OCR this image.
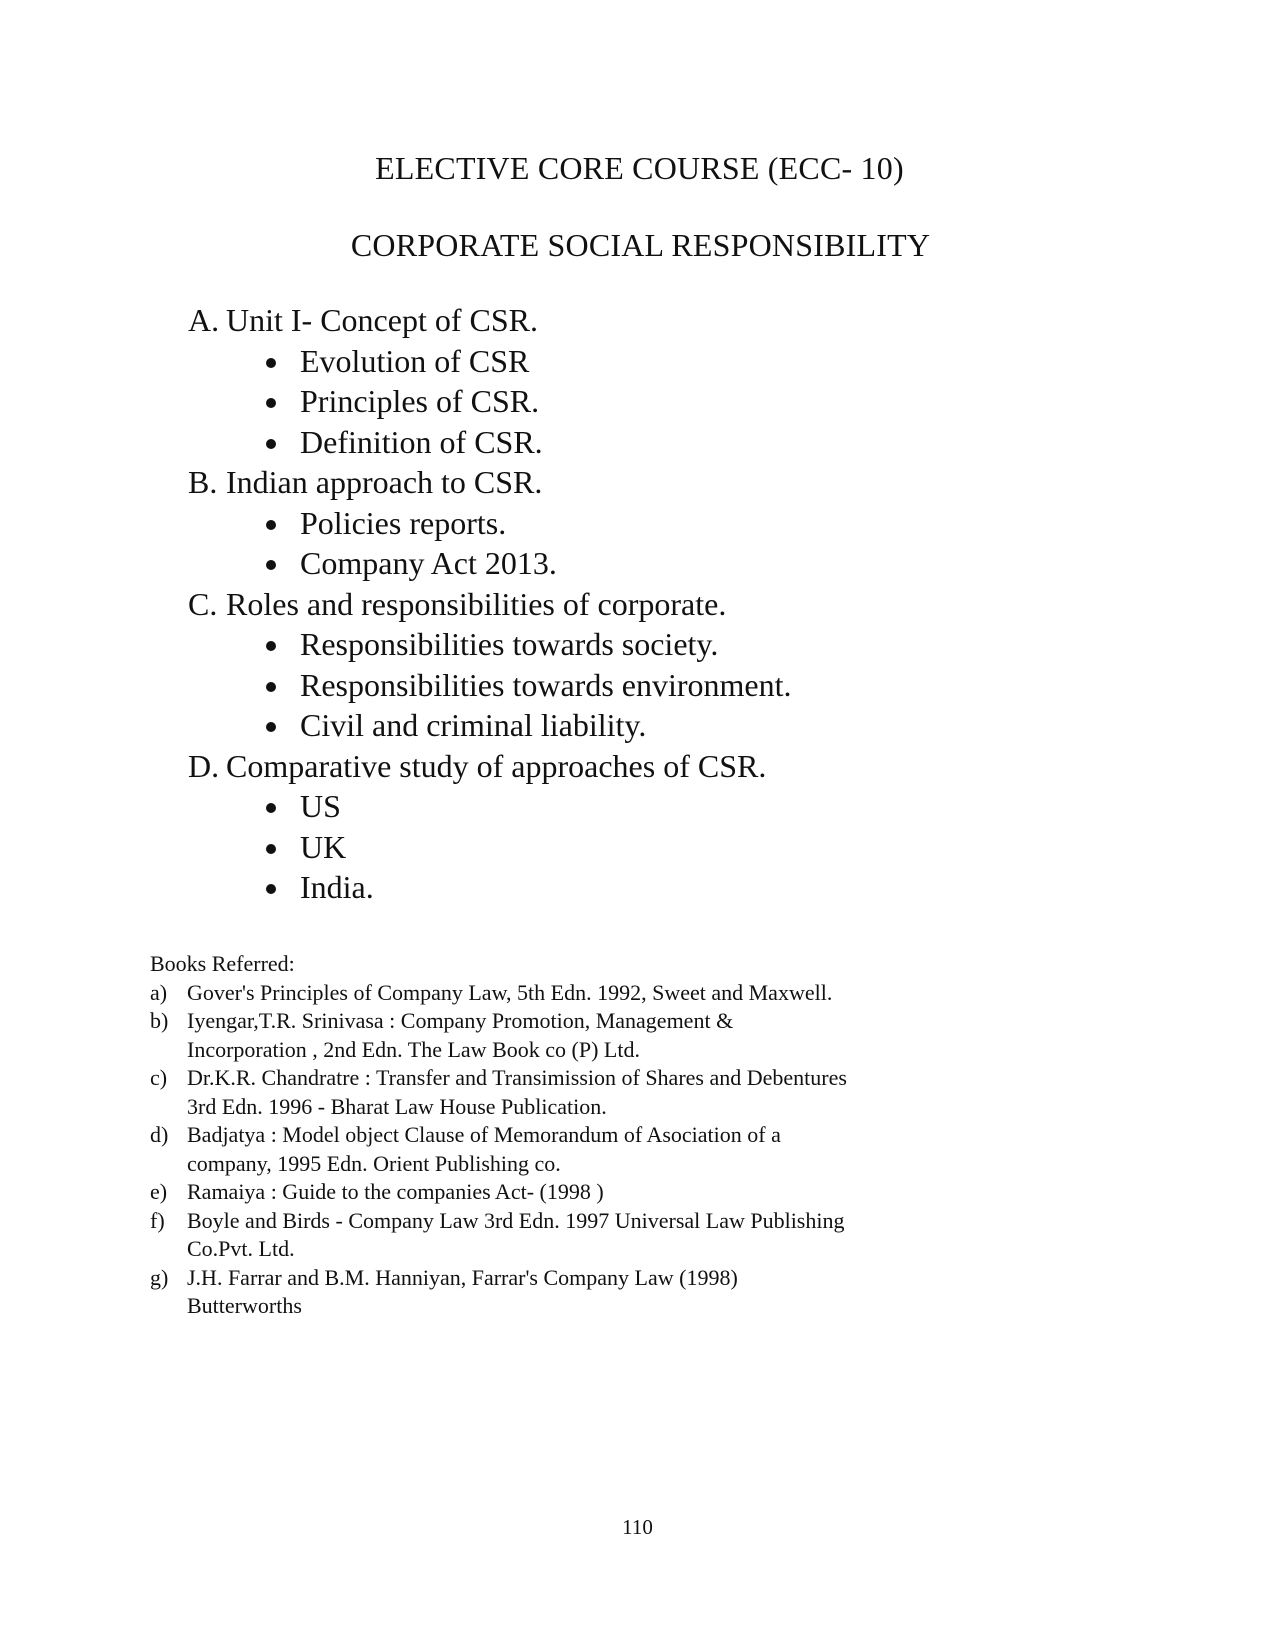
ELECTIVE CORE COURSE (ECC- 10)
CORPORATE SOCIAL RESPONSIBILITY
A. Unit I- Concept of CSR.
Evolution of CSR
Principles of CSR.
Definition of CSR.
B. Indian approach to CSR.
Policies reports.
Company Act 2013.
C. Roles and responsibilities of corporate.
Responsibilities towards society.
Responsibilities towards environment.
Civil and criminal liability.
D. Comparative study of approaches of CSR.
US
UK
India.

Books Referred:

a) Gover's Principles of Company Law, 5th Edn. 1992, Sweet and Maxwell.
b) Iyengar,T.R. Srinivasa : Company Promotion, Management & Incorporation , 2nd Edn. The Law Book co (P) Ltd.
c) Dr.K.R. Chandratre : Transfer and Transimission of Shares and Debentures 3rd Edn. 1996 - Bharat Law House Publication.
d) Badjatya : Model object Clause of Memorandum of Asociation of a company, 1995 Edn. Orient Publishing co.
e) Ramaiya : Guide to the companies Act- (1998 )
f) Boyle and Birds - Company Law 3rd Edn. 1997 Universal Law Publishing Co.Pvt. Ltd.
g) J.H. Farrar and B.M. Hanniyan, Farrar's Company Law (1998) Butterworths
110
